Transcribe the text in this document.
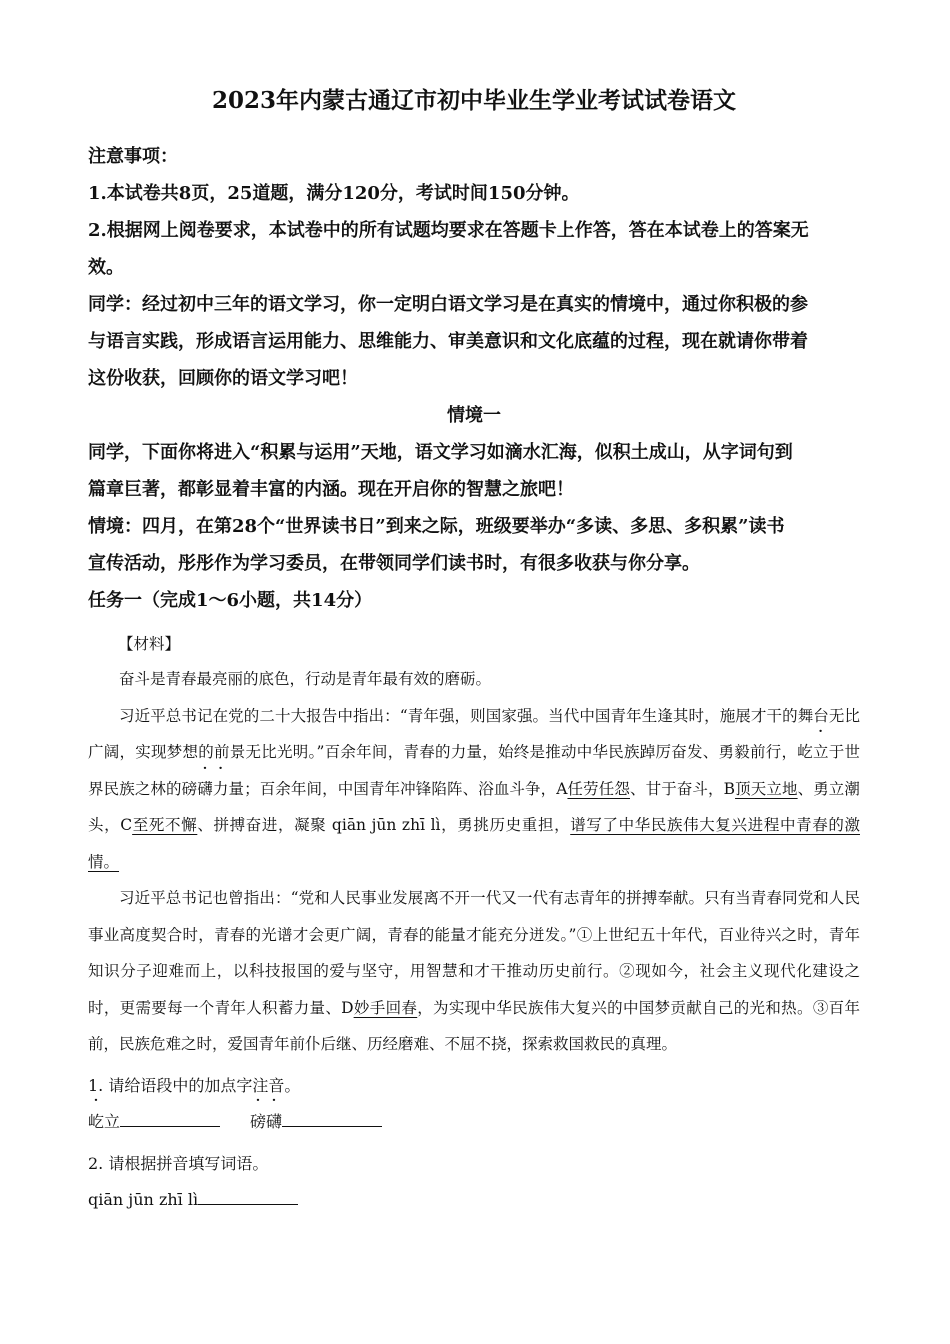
2023年内蒙古通辽市初中毕业生学业考试试卷语文

注意事项：

1.本试卷共8页，25道题，满分120分，考试时间150分钟。

2.根据网上阅卷要求，本试卷中的所有试题均要求在答题卡上作答，答在本试卷上的答案无

效。

同学：经过初中三年的语文学习，你一定明白语文学习是在真实的情境中，通过你积极的参

与语言实践，形成语言运用能力、思维能力、审美意识和文化底蕴的过程，现在就请你带着

这份收获，回顾你的语文学习吧！

情境一

同学，下面你将进入“积累与运用”天地，语文学习如滴水汇海，似积土成山，从字词句到

篇章巨著，都彰显着丰富的内涵。现在开启你的智慧之旅吧！

情境：四月，在第28个“世界读书日”到来之际，班级要举办“多读、多思、多积累”读书

宣传活动，彤彤作为学习委员，在带领同学们读书时，有很多收获与你分享。

任务一（完成1～6小题，共14分）

【材料】

奋斗是青春最亮丽的底色，行动是青年最有效的磨砺。

习近平总书记在党的二十大报告中指出：“青年强，则国家强。当代中国青年生逢其时，施展才干的舞台无比广阔，实现梦想的前景无比光明。”百余年间，青春的力量，始终是推动中华民族踔厉奋发、勇毅前行，屹立于世界民族之林的磅礴力量；百余年间，中国青年冲锋陷阵、浴血斗争，A任劳任怨、甘于奋斗，B顶天立地、勇立潮头，C至死不懈、拼搏奋进，凝聚 qiān jūn zhī lì，勇挑历史重担，谱写了中华民族伟大复兴进程中青春的激情。

习近平总书记也曾指出：“党和人民事业发展离不开一代又一代有志青年的拼搏奉献。只有当青春同党和人民事业高度契合时，青春的光谱才会更广阔，青春的能量才能充分迸发。”①上世纪五十年代，百业待兴之时，青年知识分子迎难而上，以科技报国的爱与坚守，用智慧和才干推动历史前行。②现如今，社会主义现代化建设之时，更需要每一个青年人积蓄力量、D妙手回春，为实现中华民族伟大复兴的中国梦贡献自己的光和热。③百年前，民族危难之时，爱国青年前仆后继、历经磨难、不屈不挠，探索救国救民的真理。

1. 请给语段中的加点字注音。

屹立	磅礴

2. 请根据拼音填写词语。

qiān jūn zhī lì
